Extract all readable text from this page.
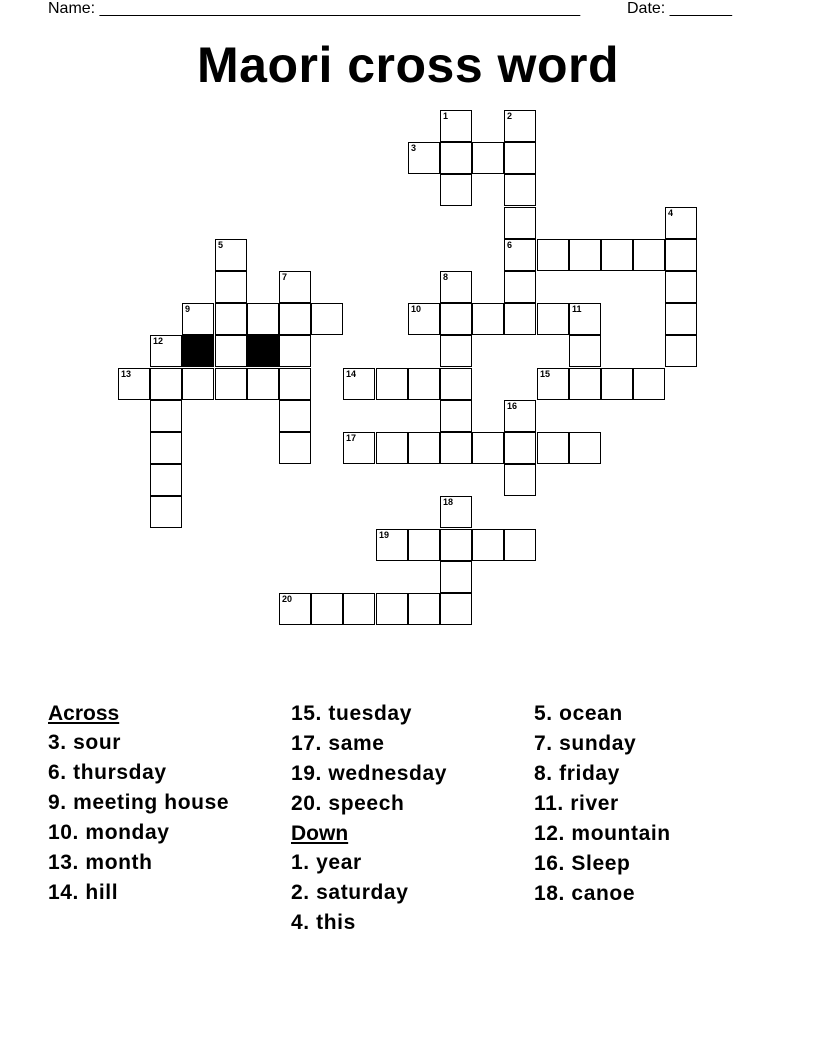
Name: ______________________________________________________	Date: _______
Maori cross word
1	2
3
4
5	6
7	8
9	10	11
12
13	14	15
16
17
18
19
20
Across
3. sour
6. thursday
9. meeting house
10. monday
13. month
14. hill
15. tuesday
17. same
19. wednesday
20. speech
Down
1. year
2. saturday
4. this
5. ocean
7. sunday
8. friday
11. river
12. mountain
16. Sleep
18. canoe
